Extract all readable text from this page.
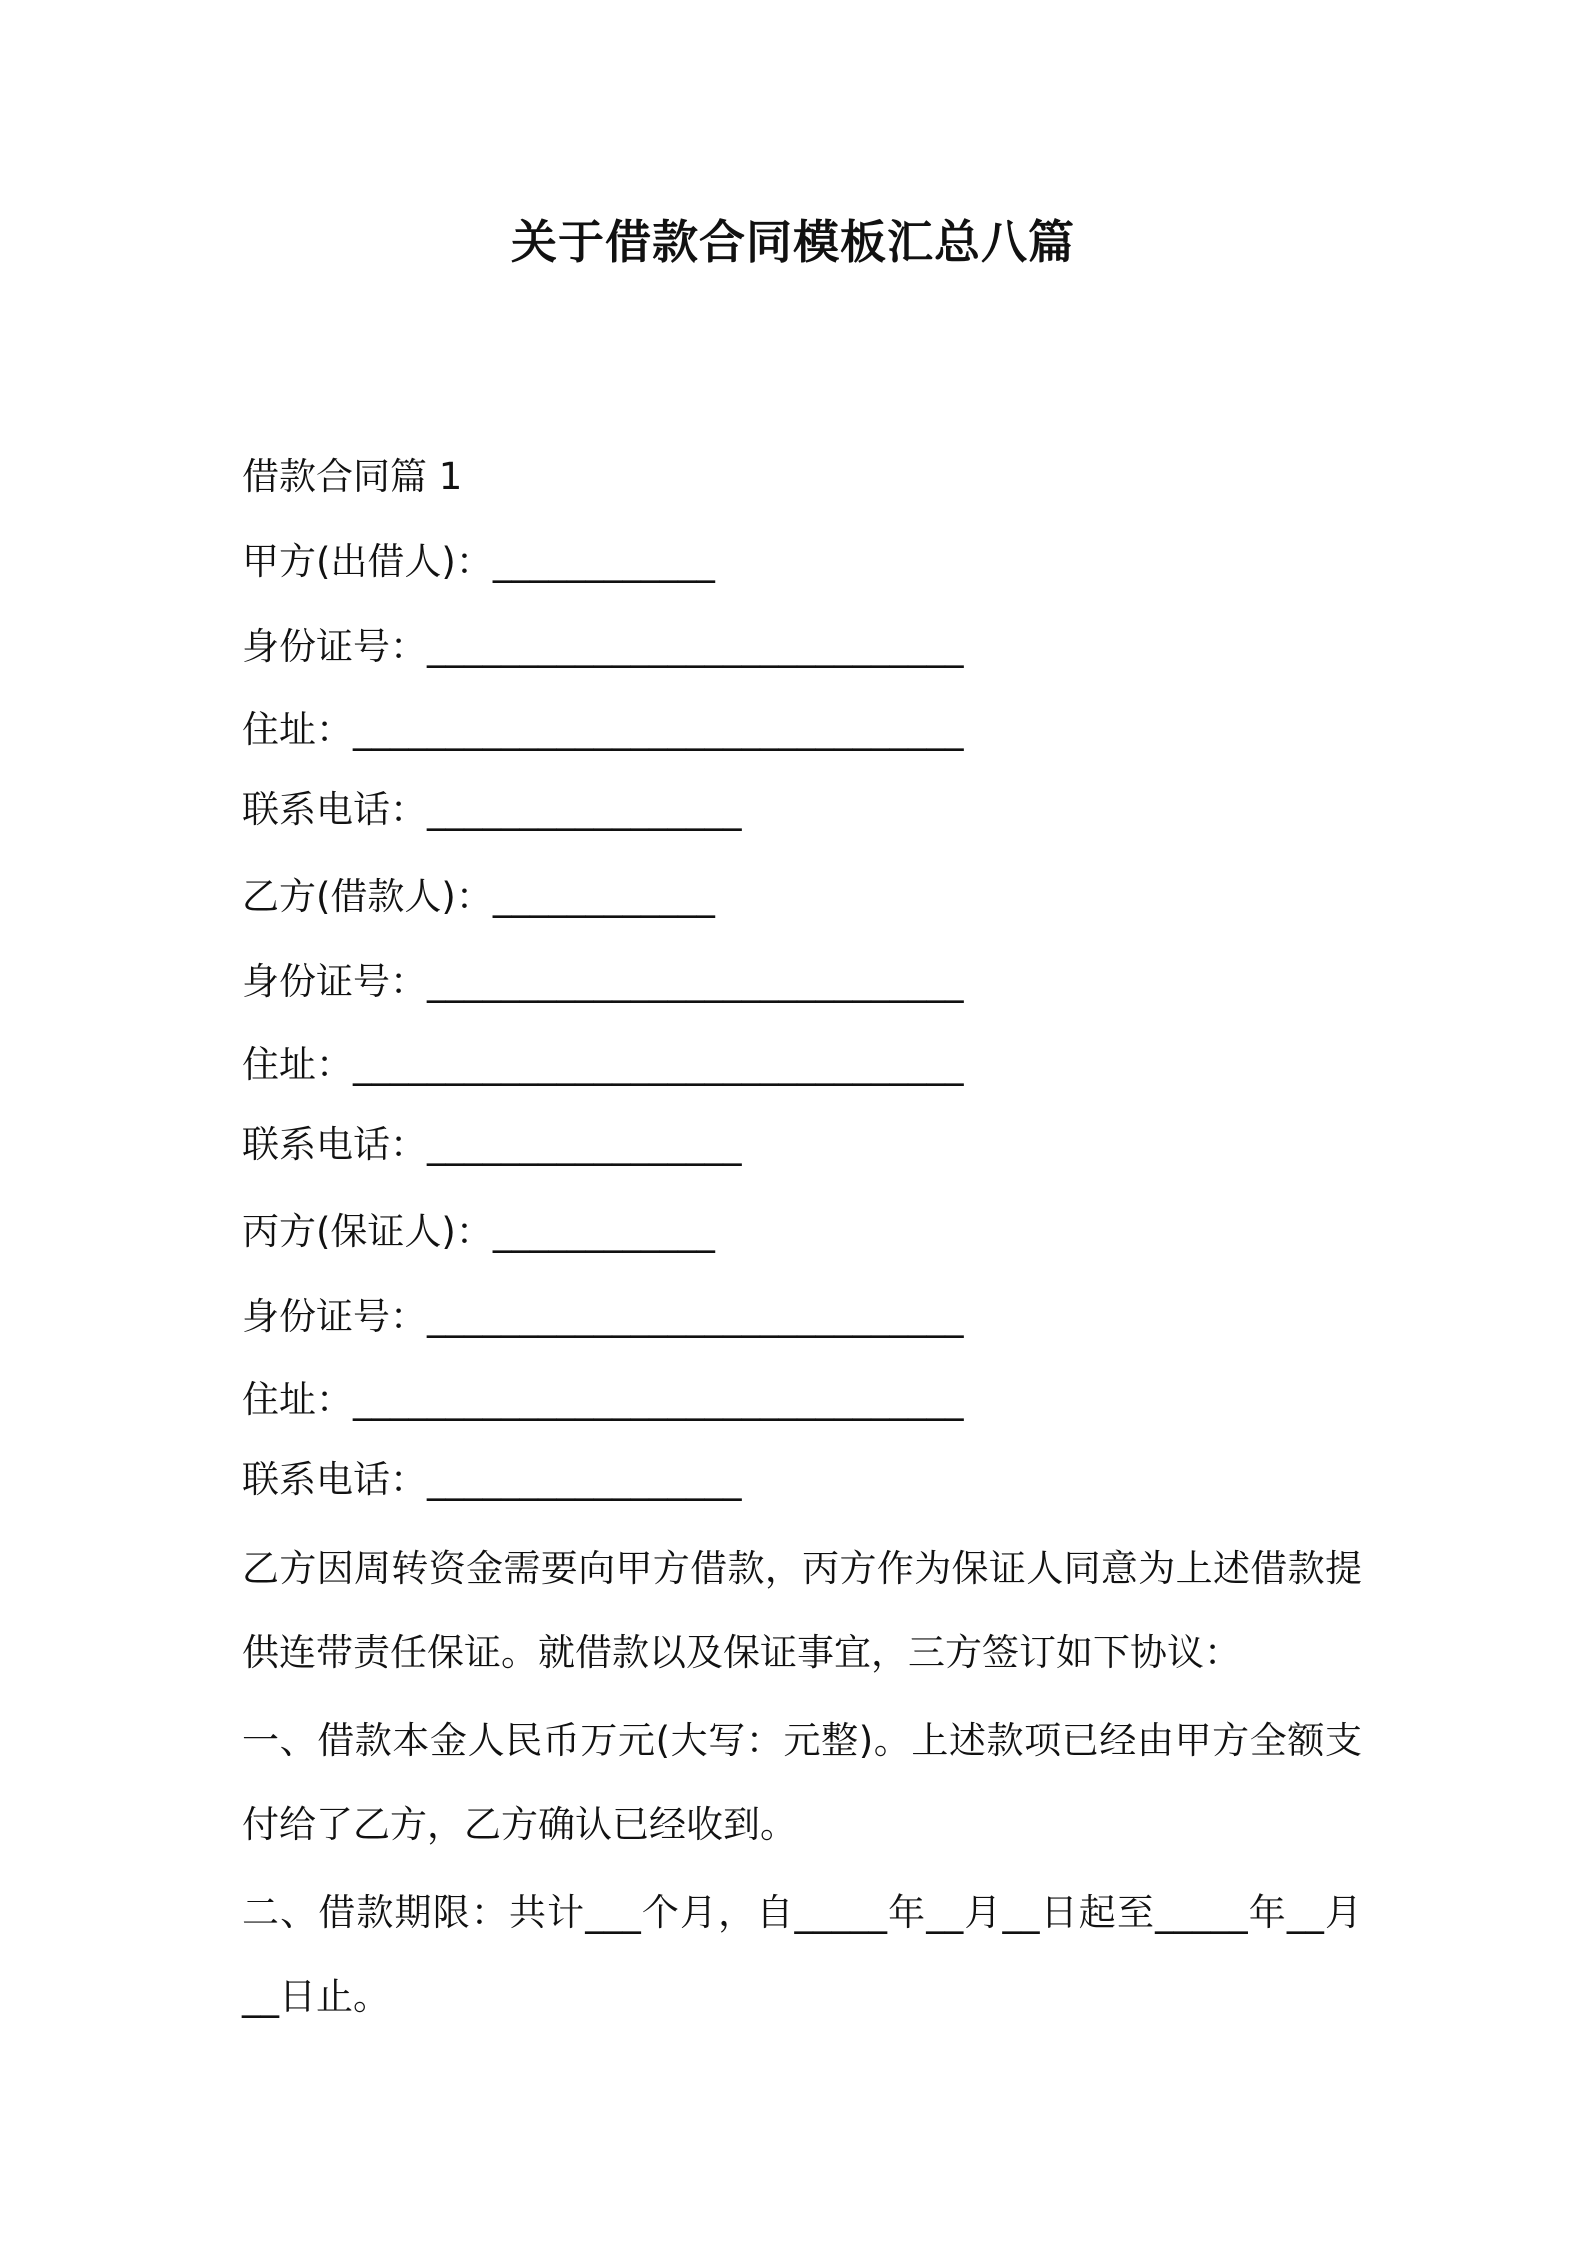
关于借款合同模板汇总八篇
借款合同篇 1
甲方(出借人)：____________
身份证号：_____________________________
住址：_________________________________
联系电话：_________________
乙方(借款人)：____________
身份证号：_____________________________
住址：_________________________________
联系电话：_________________
丙方(保证人)：____________
身份证号：_____________________________
住址：_________________________________
联系电话：_________________
乙方因周转资金需要向甲方借款，丙方作为保证人同意为上述借款提供连带责任保证。就借款以及保证事宜，三方签订如下协议：
一、借款本金人民币万元(大写：元整)。上述款项已经由甲方全额支付给了乙方，乙方确认已经收到。
二、借款期限：共计___个月，自_____年__月__日起至_____年__月__日止。
